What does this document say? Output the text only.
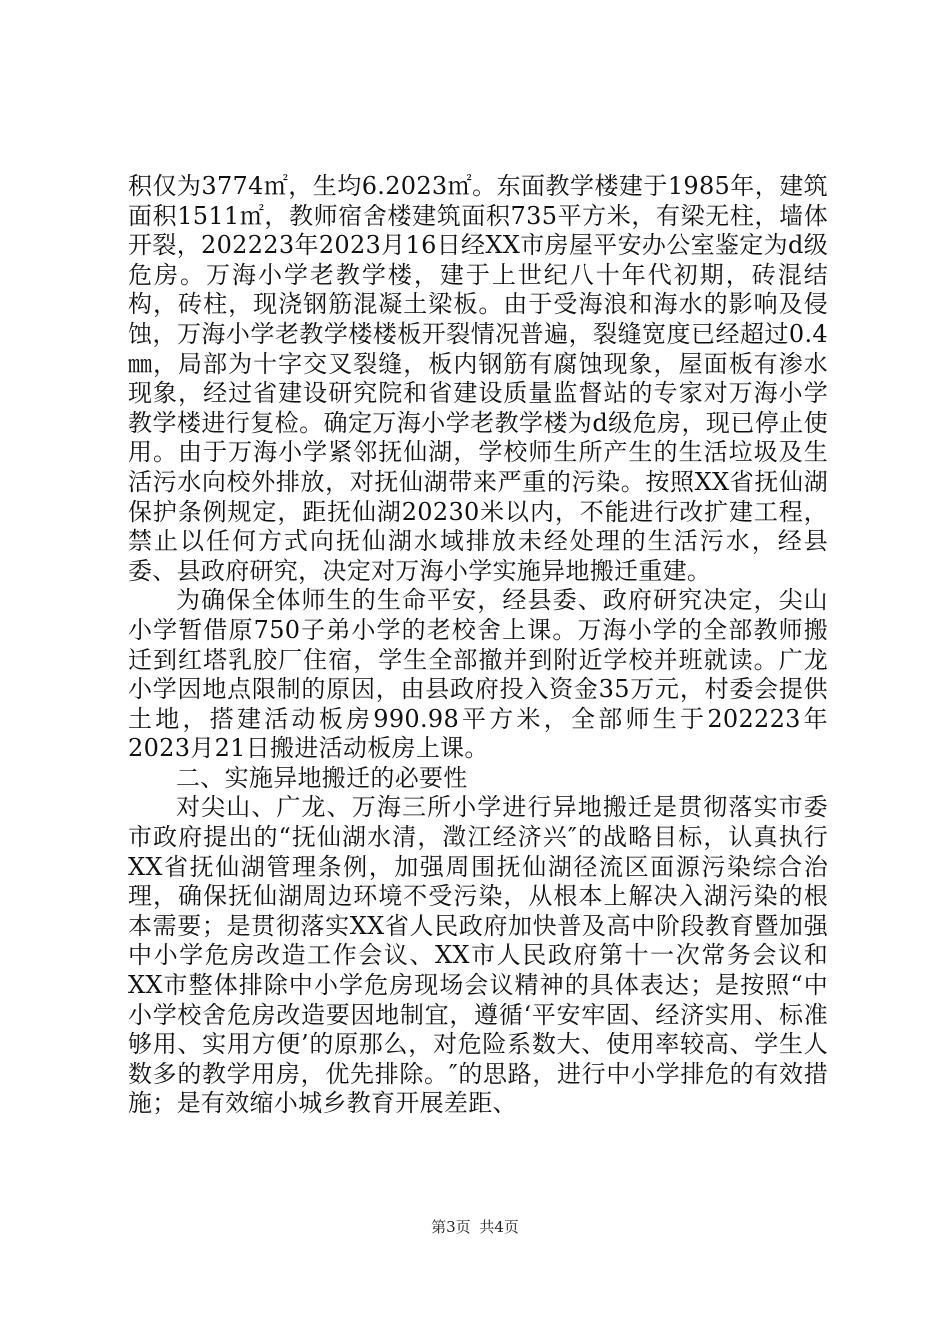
积仅为3774㎡，生均6.2023㎡。东面教学楼建于1985年，建筑面积1511㎡，教师宿舍楼建筑面积735平方米，有梁无柱，墙体开裂，202223年2023月16日经XX市房屋平安办公室鉴定为d级危房。万海小学老教学楼，建于上世纪八十年代初期，砖混结构，砖柱，现浇钢筋混凝土梁板。由于受海浪和海水的影响及侵蚀，万海小学老教学楼楼板开裂情况普遍，裂缝宽度已经超过0.4㎜，局部为十字交叉裂缝，板内钢筋有腐蚀现象，屋面板有渗水现象，经过省建设研究院和省建设质量监督站的专家对万海小学教学楼进行复检。确定万海小学老教学楼为d级危房，现已停止使用。由于万海小学紧邻抚仙湖，学校师生所产生的生活垃圾及生活污水向校外排放，对抚仙湖带来严重的污染。按照XX省抚仙湖保护条例规定，距抚仙湖20230米以内，不能进行改扩建工程，禁止以任何方式向抚仙湖水域排放未经处理的生活污水，经县委、县政府研究，决定对万海小学实施异地搬迁重建。

为确保全体师生的生命平安，经县委、政府研究决定，尖山小学暂借原750子弟小学的老校舍上课。万海小学的全部教师搬迁到红塔乳胶厂住宿，学生全部撤并到附近学校并班就读。广龙小学因地点限制的原因，由县政府投入资金35万元，村委会提供土地，搭建活动板房990.98平方米，全部师生于202223年2023月21日搬进活动板房上课。

二、实施异地搬迁的必要性

对尖山、广龙、万海三所小学进行异地搬迁是贯彻落实市委市政府提出的“抚仙湖水清，澂江经济兴″的战略目标，认真执行XX省抚仙湖管理条例，加强周围抚仙湖径流区面源污染综合治理，确保抚仙湖周边环境不受污染，从根本上解决入湖污染的根本需要；是贯彻落实XX省人民政府加快普及高中阶段教育暨加强中小学危房改造工作会议、XX市人民政府第十一次常务会议和XX市整体排除中小学危房现场会议精神的具体表达；是按照“中小学校舍危房改造要因地制宜，遵循‘平安牢固、经济实用、标准够用、实用方便’的原那么，对危险系数大、使用率较高、学生人数多的教学用房，优先排除。″的思路，进行中小学排危的有效措施；是有效缩小城乡教育开展差距、

第3页 共4页
